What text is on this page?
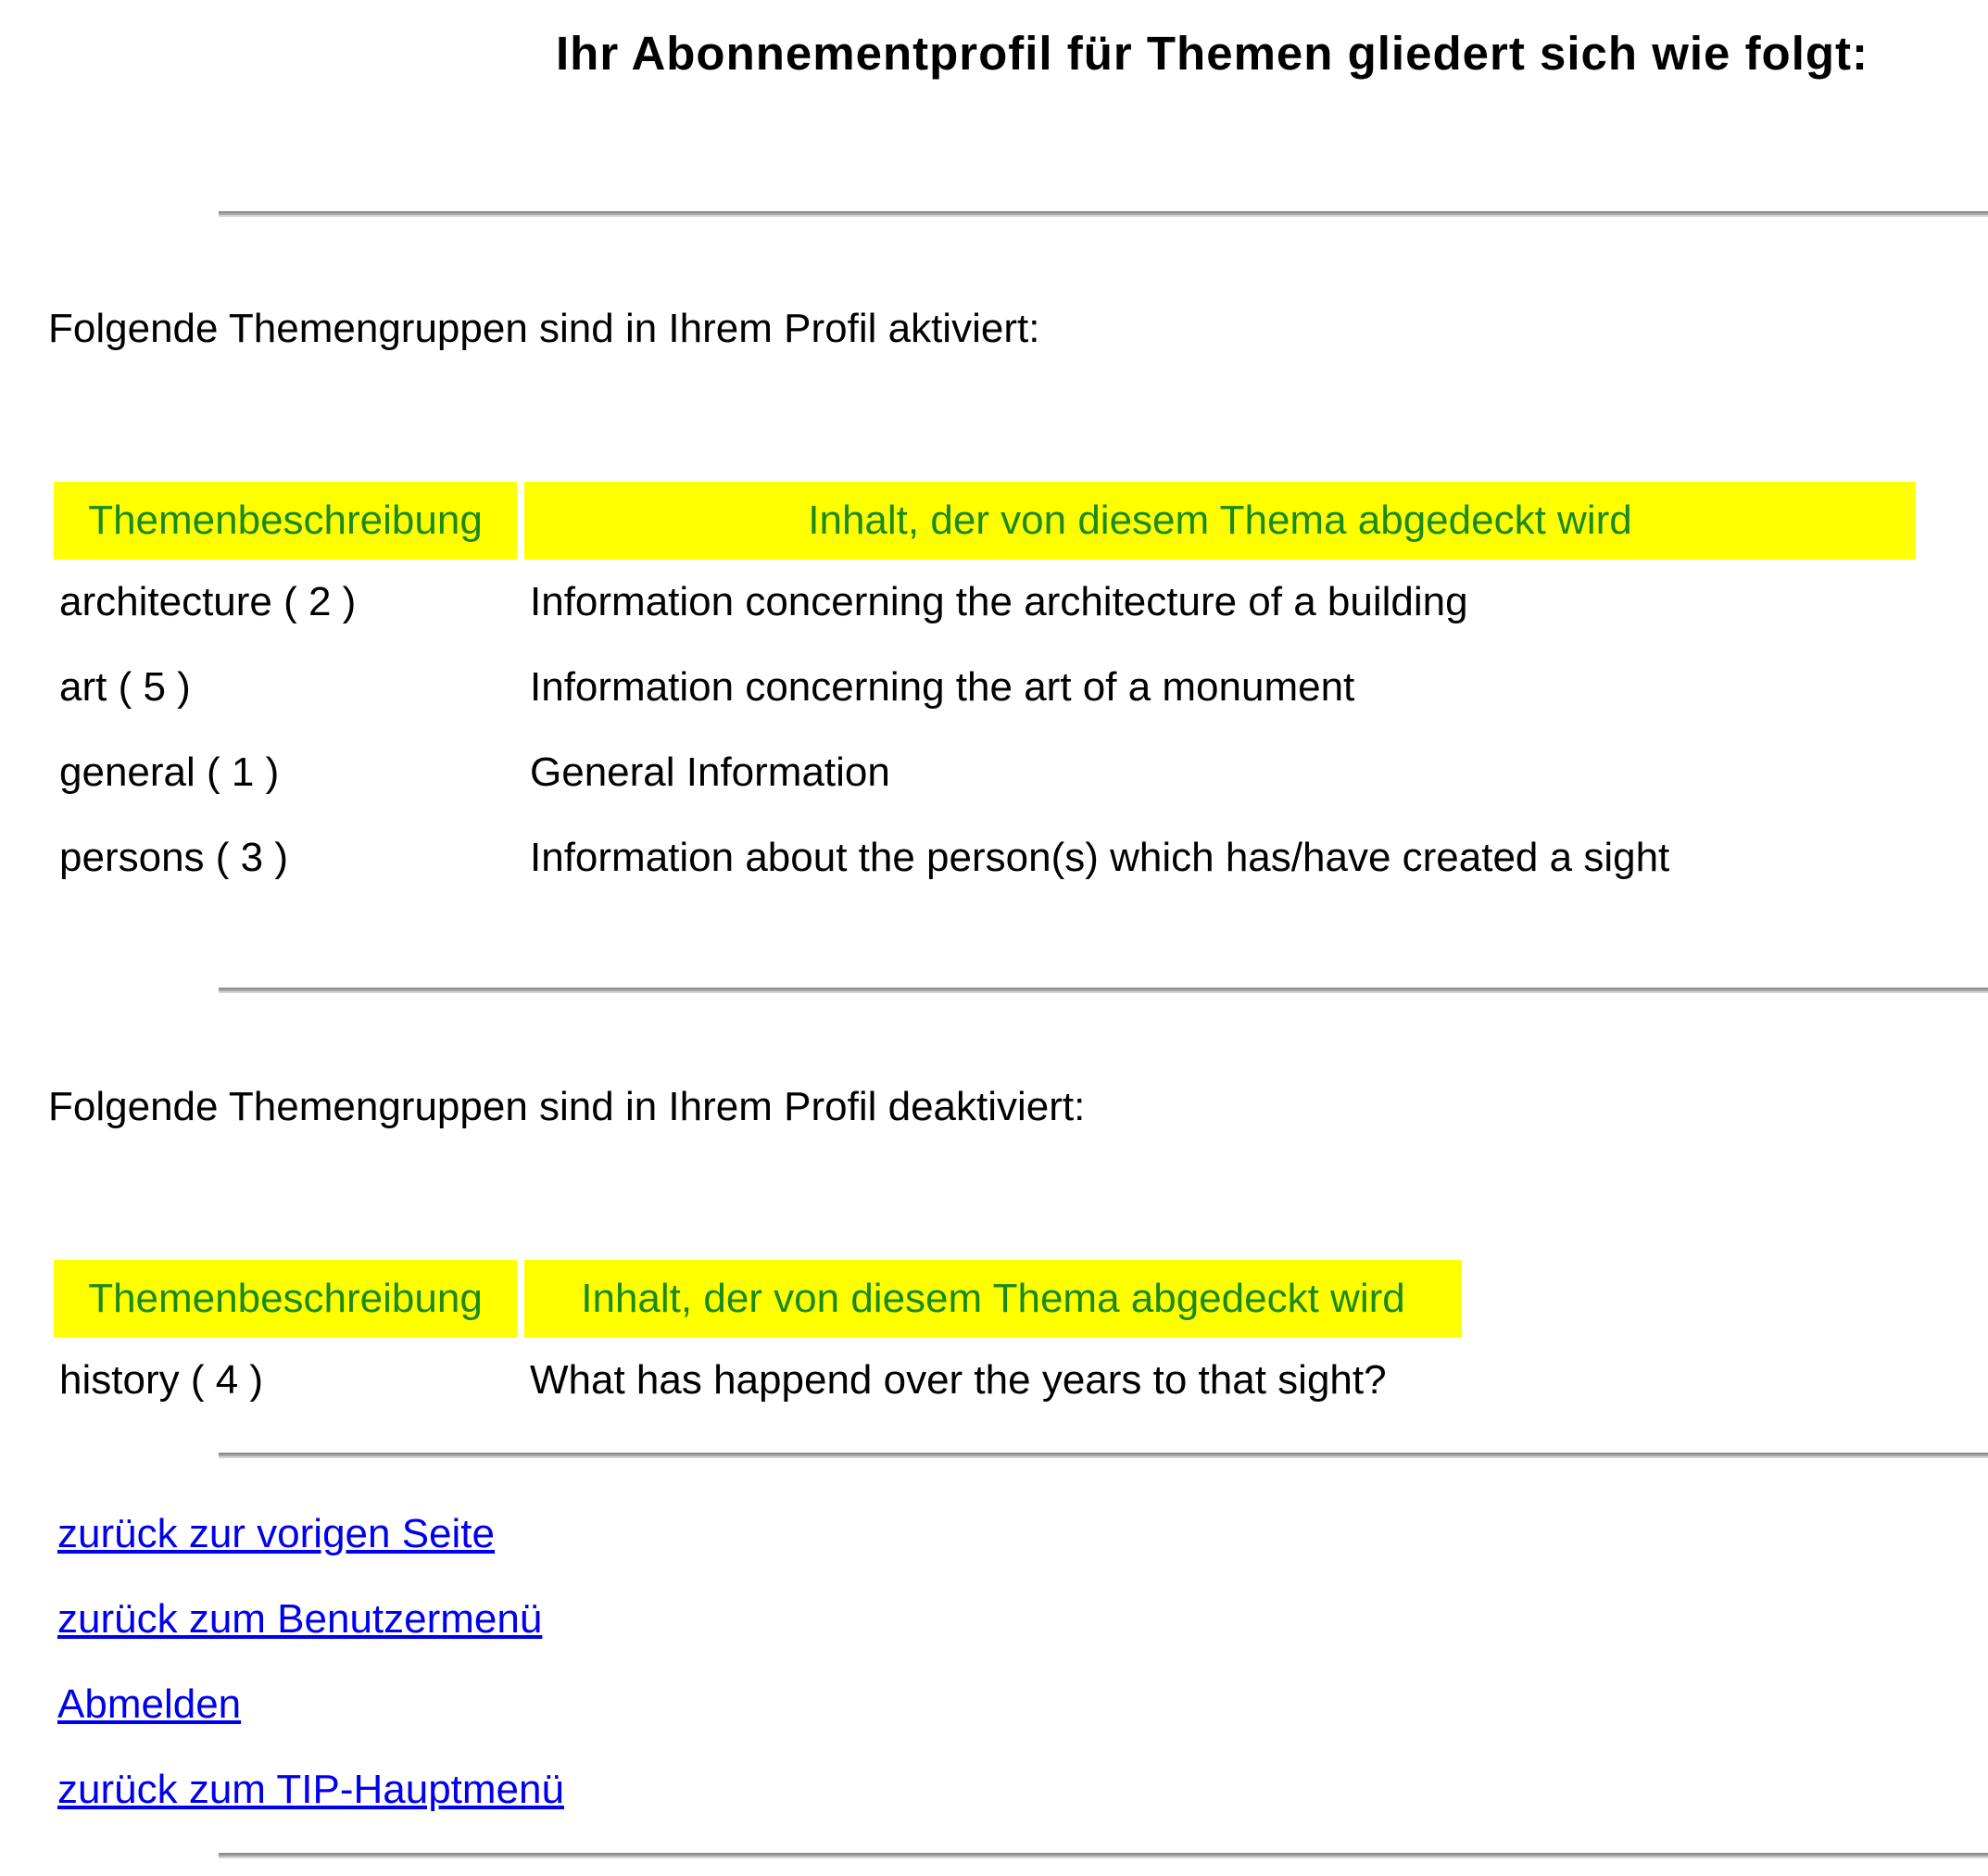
Ihr Abonnementprofil für Themen gliedert sich wie folgt:
Folgende Themengruppen sind in Ihrem Profil aktiviert:
Themenbeschreibung	Inhalt, der von diesem Thema abgedeckt wird
architecture ( 2 )	Information concerning the architecture of a building
art ( 5 )	Information concerning the art of a monument
general ( 1 )	General Information
persons ( 3 )	Information about the person(s) which has/have created a sight
Folgende Themengruppen sind in Ihrem Profil deaktiviert:
Themenbeschreibung	Inhalt, der von diesem Thema abgedeckt wird
history ( 4 )	What has happend over the years to that sight?
zurück zur vorigen Seite
zurück zum Benutzermenü
Abmelden
zurück zum TIP-Hauptmenü
